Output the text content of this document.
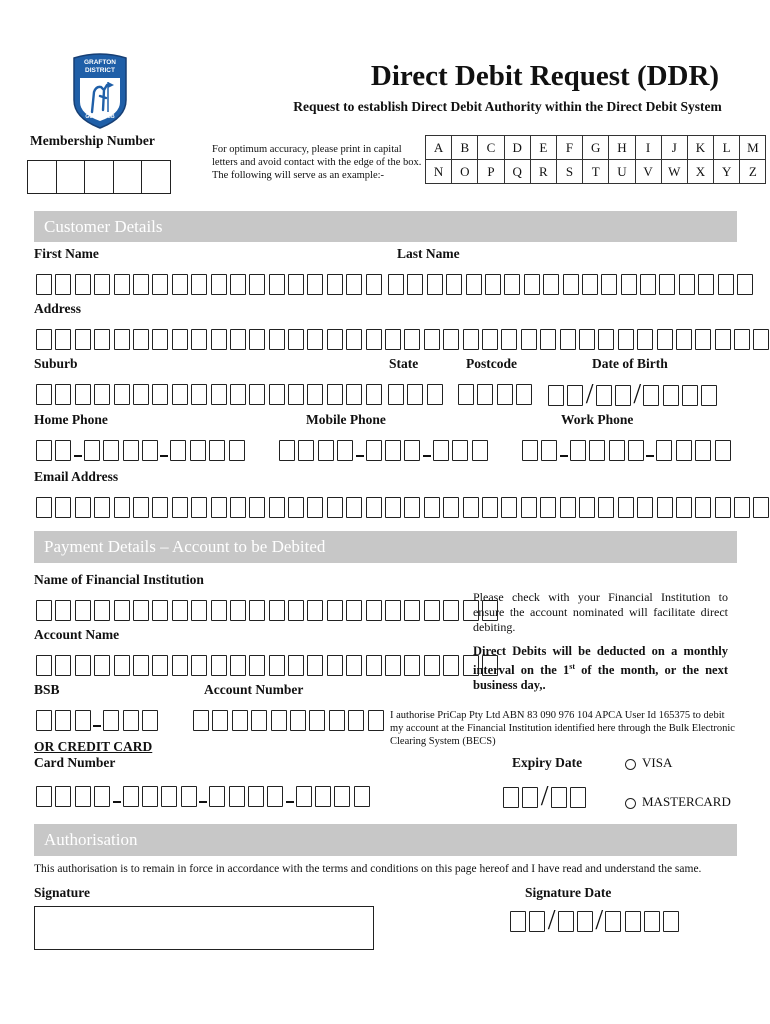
GRAFTON
DISTRICT
GOLF CLUB
Direct Debit Request (DDR)
Request to establish Direct Debit Authority within the Direct Debit System
Membership Number
For optimum accuracy, please print in capital letters and avoid contact with the edge of the box. The following will serve as an example:-
A	B	C	D	E	F	G	H	I	J	K	L	M
N	O	P	Q	R	S	T	U	V	W	X	Y	Z
Customer Details
First Name	Last Name
Address
Suburb	State	Postcode	Date of Birth
/ /
Home Phone	Mobile Phone	Work Phone
Email Address
Payment Details – Account to be Debited
Name of Financial Institution
Please check with your Financial Institution to ensure the account nominated will facilitate direct debiting.
Account Name
Direct Debits will be deducted on a monthly interval on the 1st of the month, or the next business day,.
BSB	Account Number
I authorise PriCap Pty Ltd ABN 83 090 976 104 APCA User Id 165375 to debit my account at the Financial Institution identified here through the Bulk Electronic Clearing System (BECS)
OR CREDIT CARD
Card Number	Expiry Date	VISA
/	MASTERCARD
Authorisation
This authorisation is to remain in force in accordance with the terms and conditions on this page hereof and I have read and understand the same.
Signature	Signature Date
/ /
